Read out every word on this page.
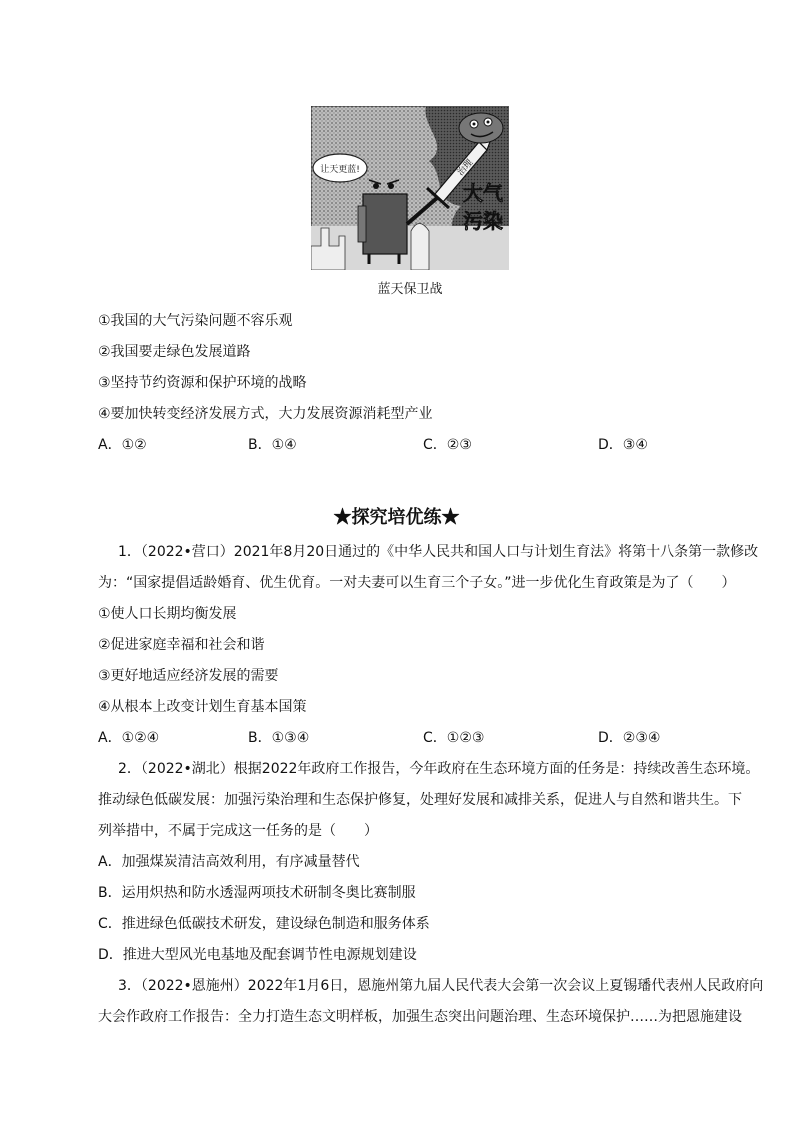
让天更蓝!	治理
大气
污染
蓝天保卫战
①我国的大气污染问题不容乐观
②我国要走绿色发展道路
③坚持节约资源和保护环境的战略
④要加快转变经济发展方式，大力发展资源消耗型产业
A．①②	B．①④	C．②③	D．③④
★探究培优练★
1．（2022•营口）2021年8月20日通过的《中华人民共和国人口与计划生育法》将第十八条第一款修改
为：“国家提倡适龄婚育、优生优育。一对夫妻可以生育三个子女。”进一步优化生育政策是为了（　　）
①使人口长期均衡发展
②促进家庭幸福和社会和谐
③更好地适应经济发展的需要
④从根本上改变计划生育基本国策
A．①②④	B．①③④	C．①②③	D．②③④
2．（2022•湖北）根据2022年政府工作报告，今年政府在生态环境方面的任务是：持续改善生态环境。
推动绿色低碳发展：加强污染治理和生态保护修复，处理好发展和减排关系，促进人与自然和谐共生。下
列举措中，不属于完成这一任务的是（　　）
A．加强煤炭清洁高效利用，有序减量替代
B．运用炽热和防水透湿两项技术研制冬奥比赛制服
C．推进绿色低碳技术研发，建设绿色制造和服务体系
D．推进大型风光电基地及配套调节性电源规划建设
3．（2022•恩施州）2022年1月6日，恩施州第九届人民代表大会第一次会议上夏锡璠代表州人民政府向
大会作政府工作报告：全力打造生态文明样板，加强生态突出问题治理、生态环境保护……为把恩施建设
